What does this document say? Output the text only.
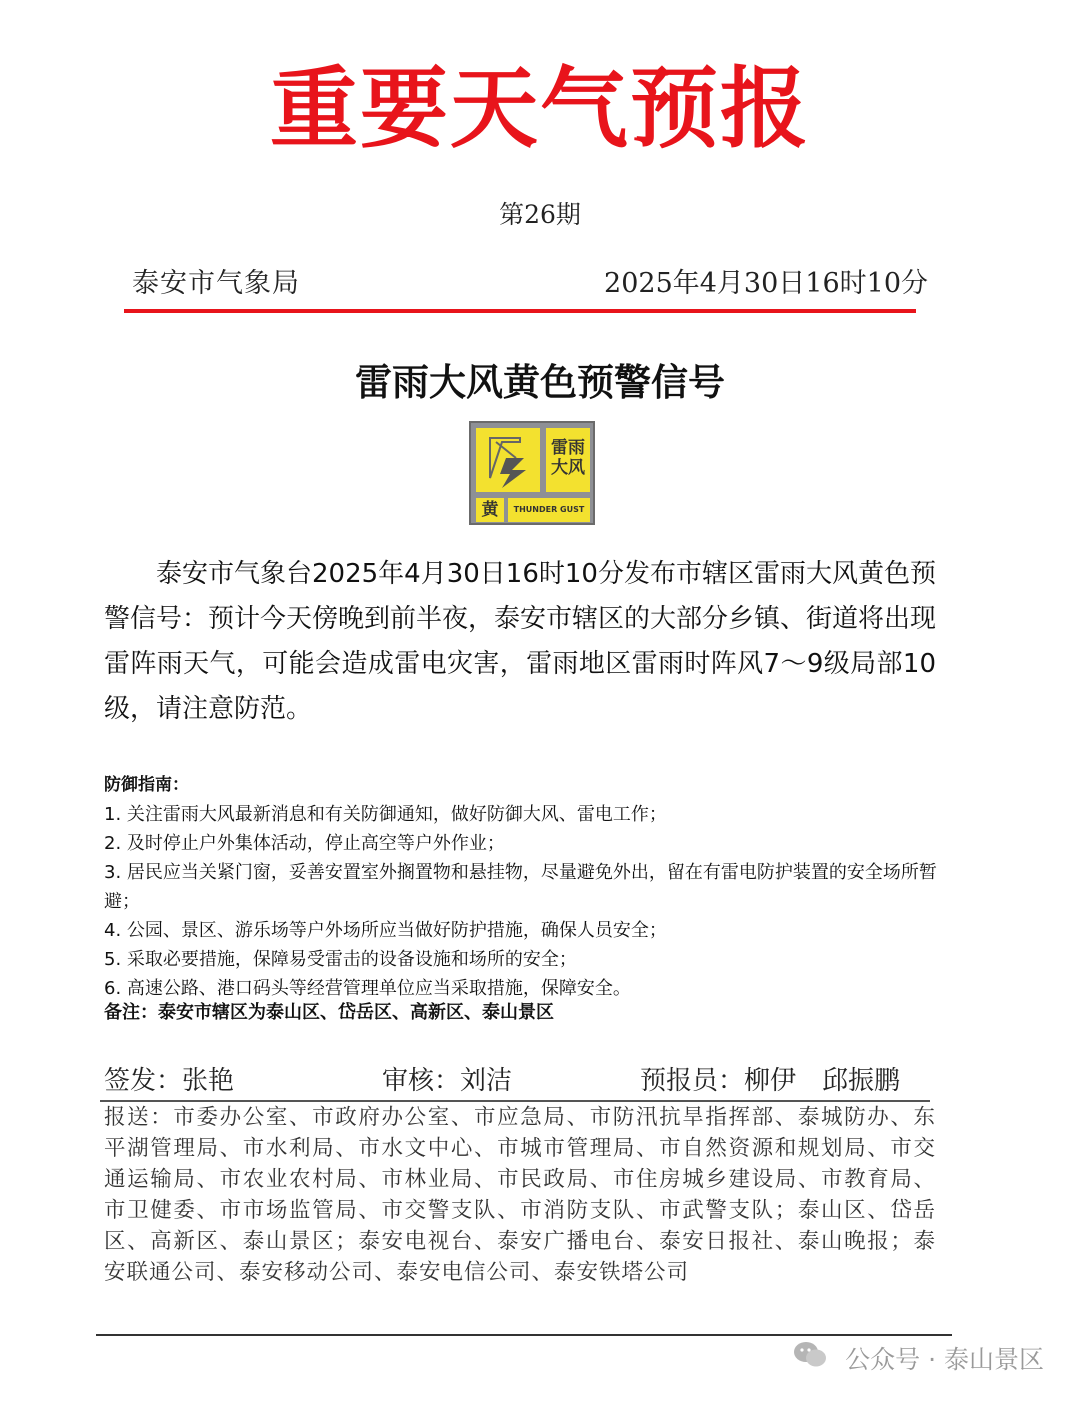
重要天气预报
第26期
泰安市气象局	2025年4月30日16时10分
雷雨大风黄色预警信号
雷雨大风
黄	THUNDER GUST

泰安市气象台2025年4月30日16时10分发布市辖区雷雨大风黄色预警信号：预计今天傍晚到前半夜，泰安市辖区的大部分乡镇、街道将出现雷阵雨天气，可能会造成雷电灾害，雷雨地区雷雨时阵风7～9级局部10级，请注意防范。

防御指南：
1. 关注雷雨大风最新消息和有关防御通知，做好防御大风、雷电工作；
2. 及时停止户外集体活动，停止高空等户外作业；
3. 居民应当关紧门窗，妥善安置室外搁置物和悬挂物，尽量避免外出，留在有雷电防护装置的安全场所暂避；
4. 公园、景区、游乐场等户外场所应当做好防护措施，确保人员安全；
5. 采取必要措施，保障易受雷击的设备设施和场所的安全；
6. 高速公路、港口码头等经营管理单位应当采取措施，保障安全。
备注：泰安市辖区为泰山区、岱岳区、高新区、泰山景区
签发：张艳	审核：刘洁	预报员：柳伊　邱振鹏
报送：市委办公室、市政府办公室、市应急局、市防汛抗旱指挥部、泰城防办、东平湖管理局、市水利局、市水文中心、市城市管理局、市自然资源和规划局、市交通运输局、市农业农村局、市林业局、市民政局、市住房城乡建设局、市教育局、市卫健委、市市场监管局、市交警支队、市消防支队、市武警支队；泰山区、岱岳区、高新区、泰山景区；泰安电视台、泰安广播电台、泰安日报社、泰山晚报；泰安联通公司、泰安移动公司、泰安电信公司、泰安铁塔公司
公众号 · 泰山景区
